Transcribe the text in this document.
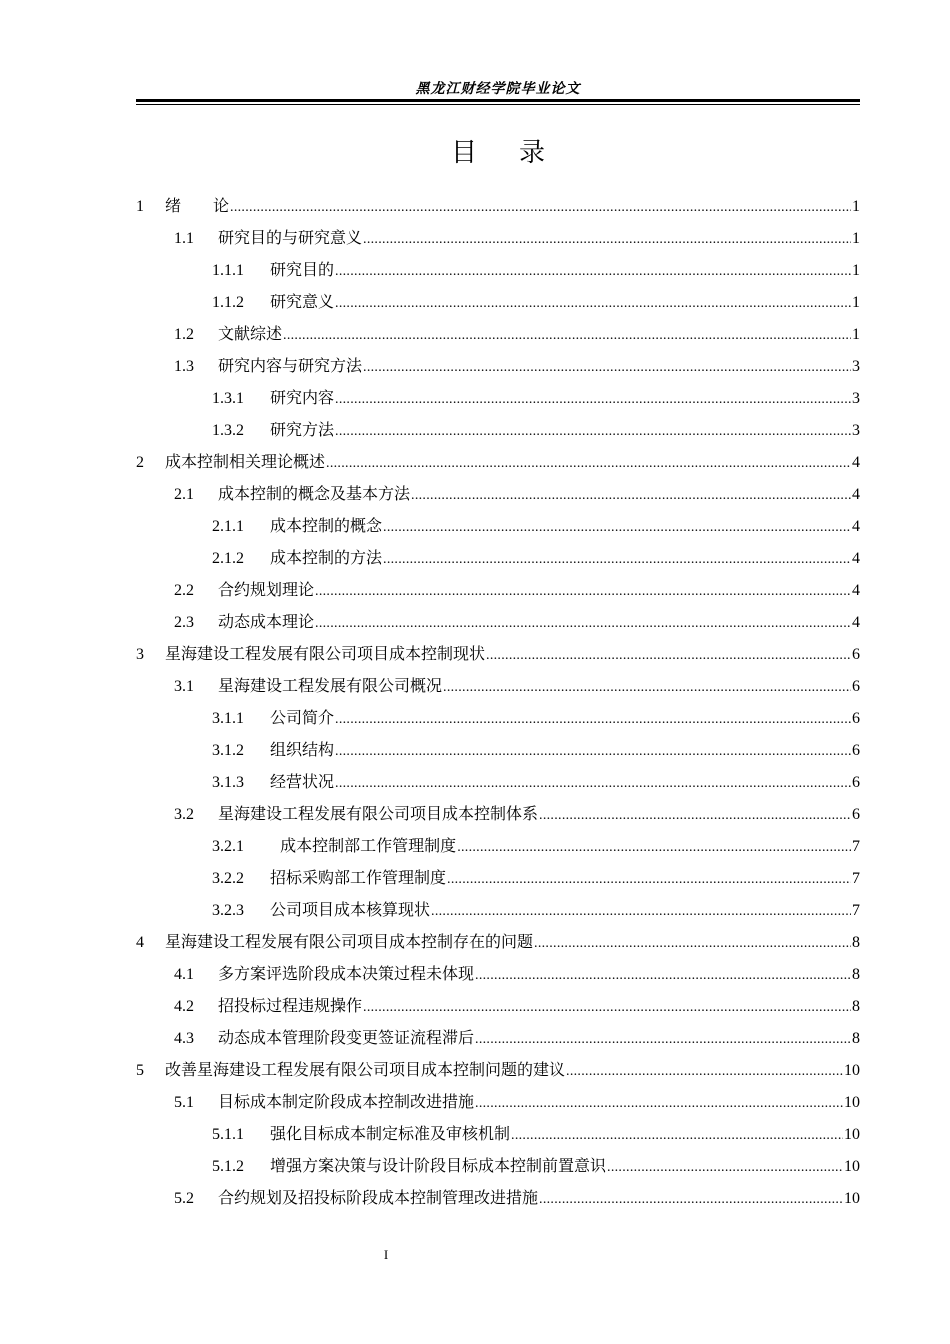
黑龙江财经学院毕业论文
目录
1	绪　　论 .....	1
1.1	研究目的与研究意义 .....	1
1.1.1	研究目的 .....	1
1.1.2	研究意义 .....	1
1.2	文献综述 .....	1
1.3	研究内容与研究方法 .....	3
1.3.1	研究内容 .....	3
1.3.2	研究方法 .....	3
2	成本控制相关理论概述 .....	4
2.1	成本控制的概念及基本方法 .....	4
2.1.1	成本控制的概念 .....	4
2.1.2	成本控制的方法 .....	4
2.2	合约规划理论 .....	4
2.3	动态成本理论 .....	4
3	星海建设工程发展有限公司项目成本控制现状 .....	6
3.1	星海建设工程发展有限公司概况 .....	6
3.1.1	公司简介 .....	6
3.1.2	组织结构 .....	6
3.1.3	经营状况 .....	6
3.2	星海建设工程发展有限公司项目成本控制体系 .....	6
3.2.1	成本控制部工作管理制度 .....	7
3.2.2	招标采购部工作管理制度 .....	7
3.2.3	公司项目成本核算现状 .....	7
4	星海建设工程发展有限公司项目成本控制存在的问题 .....	8
4.1	多方案评选阶段成本决策过程未体现 .....	8
4.2	招投标过程违规操作 .....	8
4.3	动态成本管理阶段变更签证流程滞后 .....	8
5	改善星海建设工程发展有限公司项目成本控制问题的建议 .....	10
5.1	目标成本制定阶段成本控制改进措施 .....	10
5.1.1	强化目标成本制定标准及审核机制 .....	10
5.1.2	增强方案决策与设计阶段目标成本控制前置意识 .....	10
5.2	合约规划及招投标阶段成本控制管理改进措施 .....	10
I
